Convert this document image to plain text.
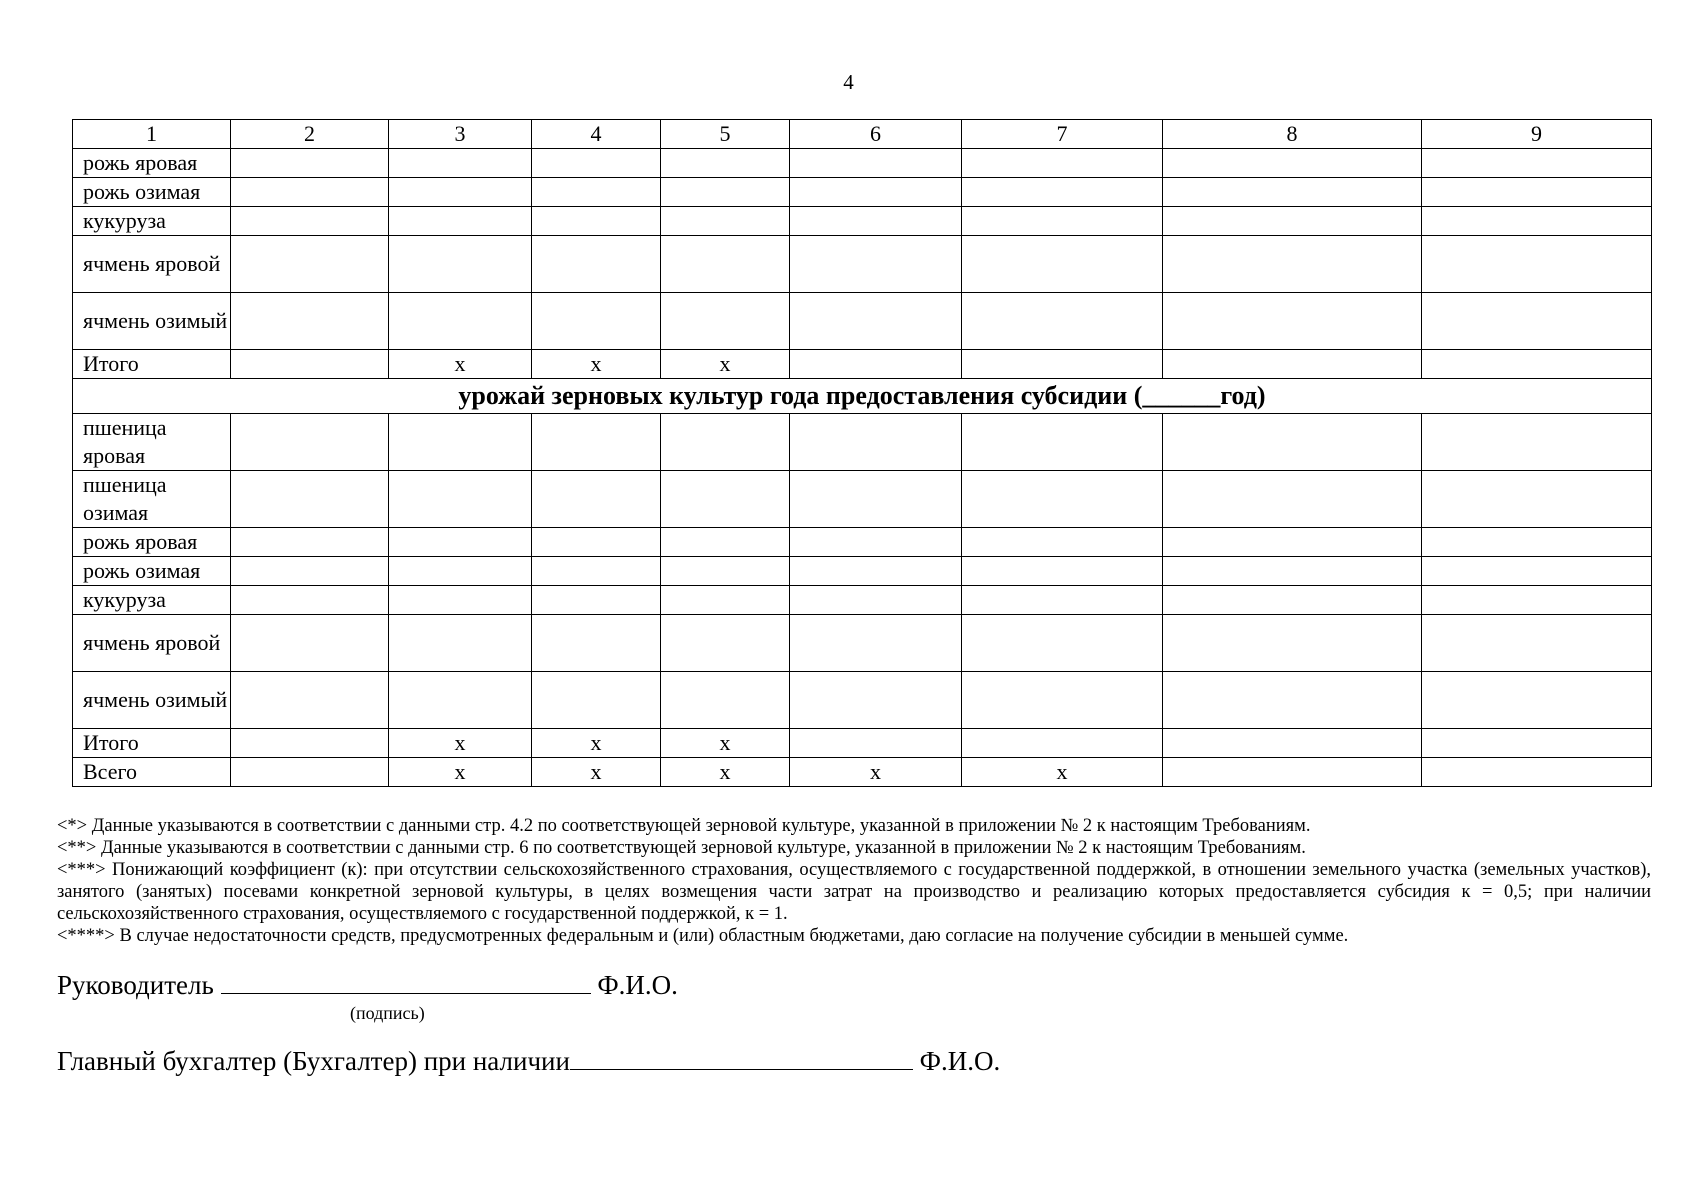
4
1	2	3	4	5	6	7	8	9
рожь яровая								
рожь озимая								
кукуруза								
ячмень яровой								
ячмень озимый								
Итого		х	х	х				
урожай зерновых культур года предоставления субсидии (______год)								
пшеница яровая								
пшеница озимая								
рожь яровая								
рожь озимая								
кукуруза								
ячмень яровой								
ячмень озимый								
Итого		х	х	х				
Всего		х	х	х	х	х		

<*> Данные указываются в соответствии с данными стр. 4.2 по соответствующей зерновой культуре, указанной в приложении № 2 к настоящим Требованиям.

<**> Данные указываются в соответствии с данными стр. 6 по соответствующей зерновой культуре, указанной в приложении № 2 к настоящим Требованиям.

<***> Понижающий коэффициент (к): при отсутствии сельскохозяйственного страхования, осуществляемого с государственной поддержкой, в отношении земельного участка (земельных участков), занятого (занятых) посевами конкретной зерновой культуры, в целях возмещения части затрат на производство и реализацию которых предоставляется субсидия к = 0,5; при наличии сельскохозяйственного страхования, осуществляемого с государственной поддержкой, к = 1.

<****> В случае недостаточности средств, предусмотренных федеральным и (или) областным бюджетами, даю согласие на получение субсидии в меньшей сумме.

Руководитель	Ф.И.О.
(подпись)
Главный бухгалтер (Бухгалтер) при наличии	Ф.И.О.
